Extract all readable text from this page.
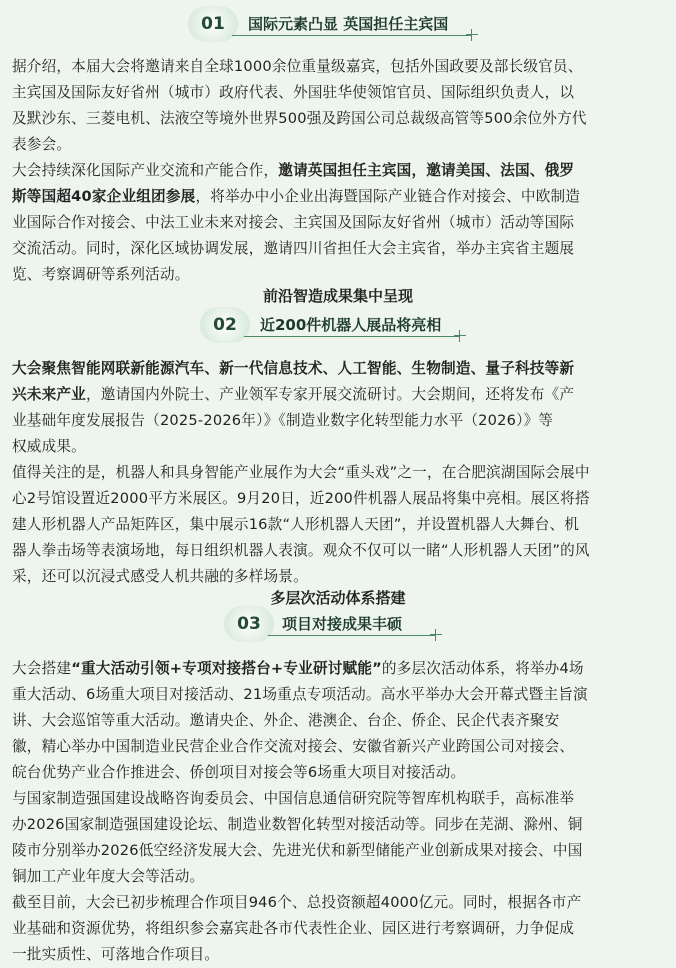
01	国际元素凸显 英国担任主宾国
据介绍，本届大会将邀请来自全球1000余位重量级嘉宾，包括外国政要及部长级官员、
主宾国及国际友好省州（城市）政府代表、外国驻华使领馆官员、国际组织负责人，以
及默沙东、三菱电机、法液空等境外世界500强及跨国公司总裁级高管等500余位外方代
表参会。
大会持续深化国际产业交流和产能合作，邀请英国担任主宾国，邀请美国、法国、俄罗
斯等国超40家企业组团参展，将举办中小企业出海暨国际产业链合作对接会、中欧制造
业国际合作对接会、中法工业未来对接会、主宾国及国际友好省州（城市）活动等国际
交流活动。同时，深化区域协调发展，邀请四川省担任大会主宾省，举办主宾省主题展
览、考察调研等系列活动。
前沿智造成果集中呈现
02	近200件机器人展品将亮相
大会聚焦智能网联新能源汽车、新一代信息技术、人工智能、生物制造、量子科技等新
兴未来产业，邀请国内外院士、产业领军专家开展交流研讨。大会期间，还将发布《产
业基础年度发展报告（2025-2026年）》《制造业数字化转型能力水平（2026）》等
权威成果。
值得关注的是，机器人和具身智能产业展作为大会“重头戏”之一，在合肥滨湖国际会展中
心2号馆设置近2000平方米展区。9月20日，近200件机器人展品将集中亮相。展区将搭
建人形机器人产品矩阵区，集中展示16款“人形机器人天团”，并设置机器人大舞台、机
器人拳击场等表演场地，每日组织机器人表演。观众不仅可以一睹“人形机器人天团”的风
采，还可以沉浸式感受人机共融的多样场景。
多层次活动体系搭建
03	项目对接成果丰硕
大会搭建“重大活动引领+专项对接搭台+专业研讨赋能”的多层次活动体系，将举办4场
重大活动、6场重大项目对接活动、21场重点专项活动。高水平举办大会开幕式暨主旨演
讲、大会巡馆等重大活动。邀请央企、外企、港澳企、台企、侨企、民企代表齐聚安
徽，精心举办中国制造业民营企业合作交流对接会、安徽省新兴产业跨国公司对接会、
皖台优势产业合作推进会、侨创项目对接会等6场重大项目对接活动。
与国家制造强国建设战略咨询委员会、中国信息通信研究院等智库机构联手，高标准举
办2026国家制造强国建设论坛、制造业数智化转型对接活动等。同步在芜湖、滁州、铜
陵市分别举办2026低空经济发展大会、先进光伏和新型储能产业创新成果对接会、中国
铜加工产业年度大会等活动。
截至目前，大会已初步梳理合作项目946个、总投资额超4000亿元。同时，根据各市产
业基础和资源优势，将组织参会嘉宾赴各市代表性企业、园区进行考察调研，力争促成
一批实质性、可落地合作项目。
